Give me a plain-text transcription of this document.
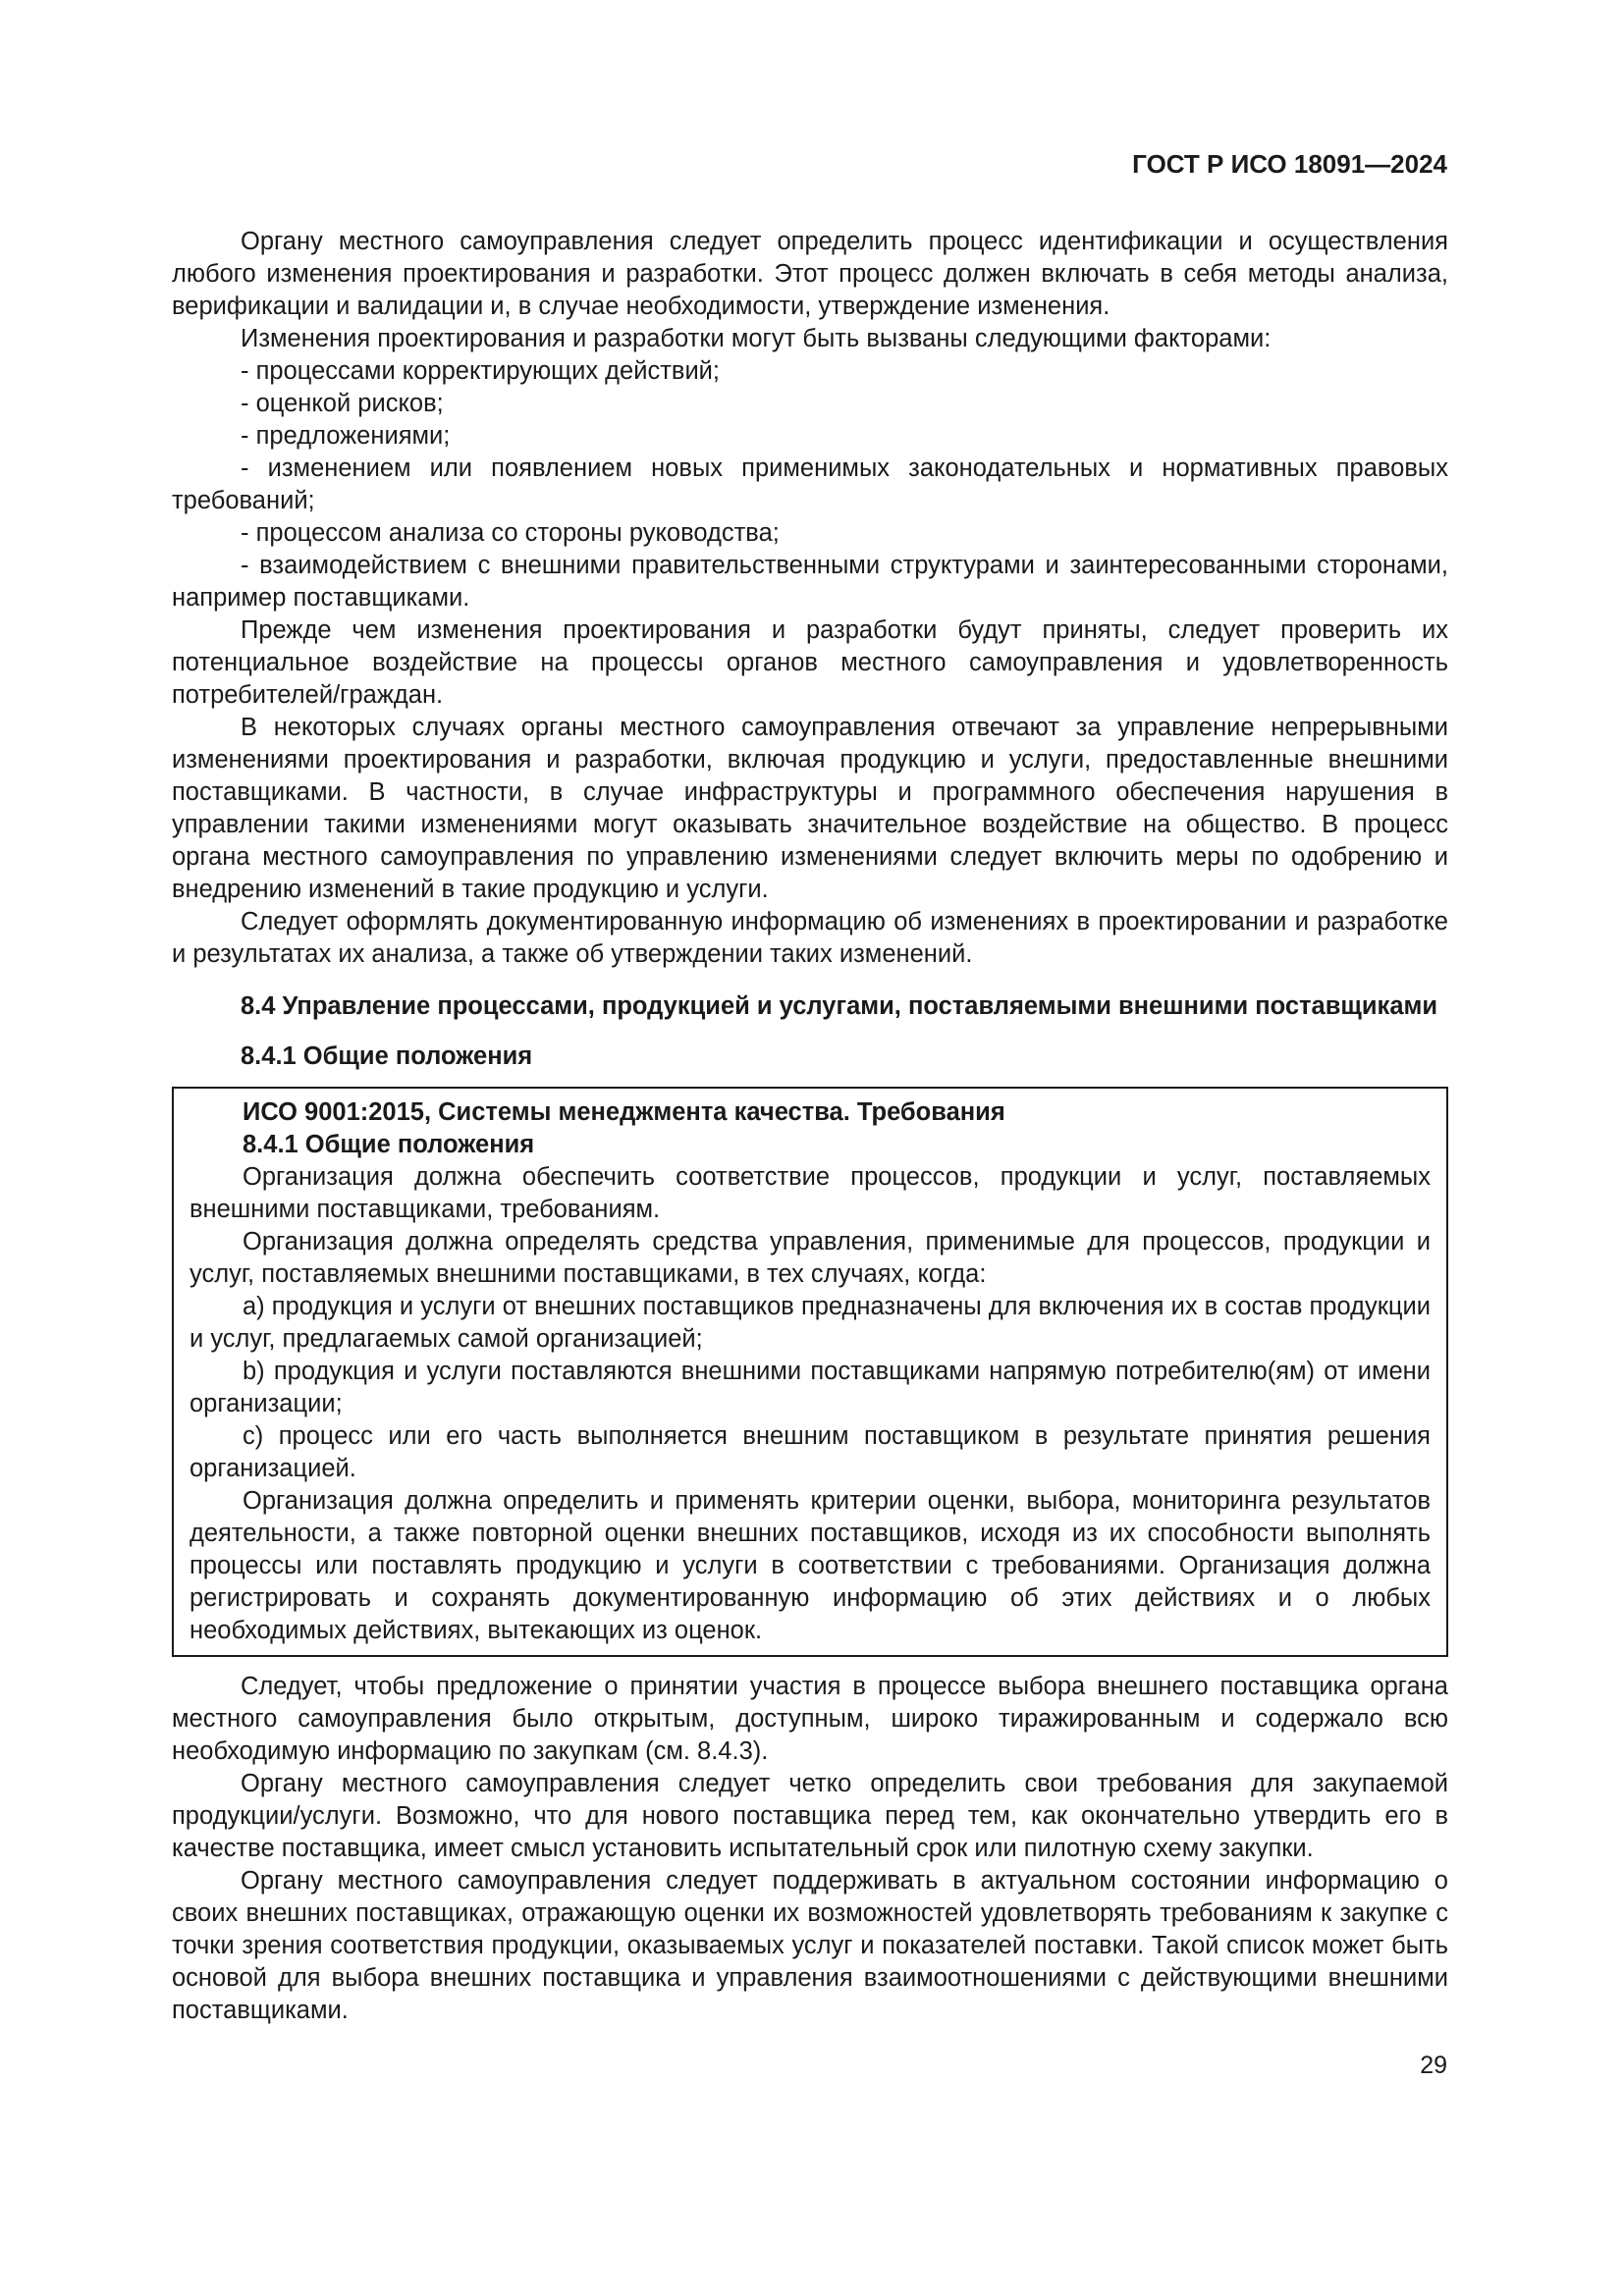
ГОСТ Р ИСО 18091—2024

Органу местного самоуправления следует определить процесс идентификации и осуществления любого изменения проектирования и разработки. Этот процесс должен включать в себя методы анализа, верификации и валидации и, в случае необходимости, утверждение изменения.

Изменения проектирования и разработки могут быть вызваны следующими факторами:

- процессами корректирующих действий;

- оценкой рисков;

- предложениями;

- изменением или появлением новых применимых законодательных и нормативных правовых требований;

- процессом анализа со стороны руководства;

- взаимодействием с внешними правительственными структурами и заинтересованными сторонами, например поставщиками.

Прежде чем изменения проектирования и разработки будут приняты, следует проверить их потенциальное воздействие на процессы органов местного самоуправления и удовлетворенность потребителей/граждан.

В некоторых случаях органы местного самоуправления отвечают за управление непрерывными изменениями проектирования и разработки, включая продукцию и услуги, предоставленные внешними поставщиками. В частности, в случае инфраструктуры и программного обеспечения нарушения в управлении такими изменениями могут оказывать значительное воздействие на общество. В процесс органа местного самоуправления по управлению изменениями следует включить меры по одобрению и внедрению изменений в такие продукцию и услуги.

Следует оформлять документированную информацию об изменениях в проектировании и разработке и результатах их анализа, а также об утверждении таких изменений.

8.4 Управление процессами, продукцией и услугами, поставляемыми внешними поставщиками

8.4.1 Общие положения

ИСО 9001:2015, Системы менеджмента качества. Требования

8.4.1 Общие положения

Организация должна обеспечить соответствие процессов, продукции и услуг, поставляемых внешними поставщиками, требованиям.

Организация должна определять средства управления, применимые для процессов, продукции и услуг, поставляемых внешними поставщиками, в тех случаях, когда:

a) продукция и услуги от внешних поставщиков предназначены для включения их в состав продукции и услуг, предлагаемых самой организацией;

b) продукция и услуги поставляются внешними поставщиками напрямую потребителю(ям) от имени организации;

c) процесс или его часть выполняется внешним поставщиком в результате принятия решения организацией.

Организация должна определить и применять критерии оценки, выбора, мониторинга результатов деятельности, а также повторной оценки внешних поставщиков, исходя из их способности выполнять процессы или поставлять продукцию и услуги в соответствии с требованиями. Организация должна регистрировать и сохранять документированную информацию об этих действиях и о любых необходимых действиях, вытекающих из оценок.

Следует, чтобы предложение о принятии участия в процессе выбора внешнего поставщика органа местного самоуправления было открытым, доступным, широко тиражированным и содержало всю необходимую информацию по закупкам (см. 8.4.3).

Органу местного самоуправления следует четко определить свои требования для закупаемой продукции/услуги. Возможно, что для нового поставщика перед тем, как окончательно утвердить его в качестве поставщика, имеет смысл установить испытательный срок или пилотную схему закупки.

Органу местного самоуправления следует поддерживать в актуальном состоянии информацию о своих внешних поставщиках, отражающую оценки их возможностей удовлетворять требованиям к закупке с точки зрения соответствия продукции, оказываемых услуг и показателей поставки. Такой список может быть основой для выбора внешних поставщика и управления взаимоотношениями с действующими внешними поставщиками.

29
